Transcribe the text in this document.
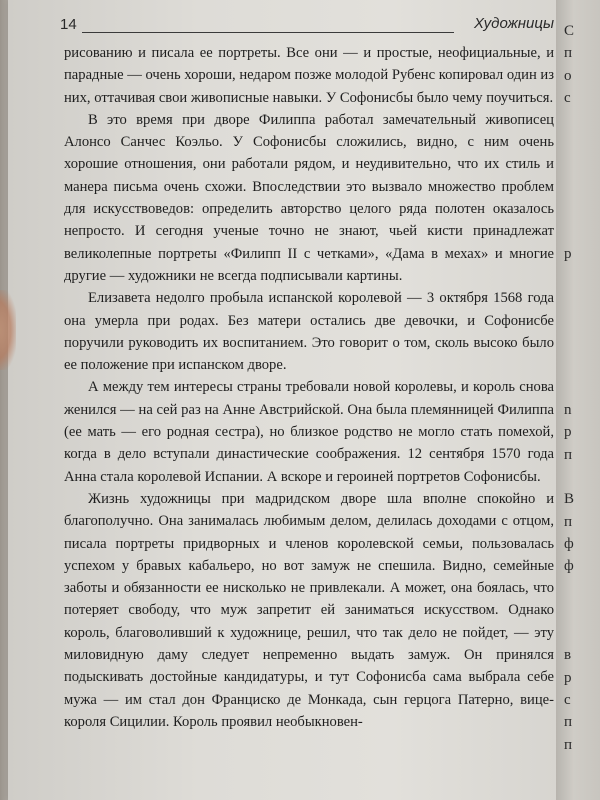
14	Художницы

рисованию и писала ее портреты. Все они — и простые, неофициальные, и парадные — очень хороши, недаром позже молодой Рубенс копировал один из них, оттачивая свои живописные навыки. У Софонисбы было чему поучиться.

В это время при дворе Филиппа работал замечательный живописец Алонсо Санчес Коэльо. У Софонисбы сложились, видно, с ним очень хорошие отношения, они работали рядом, и неудивительно, что их стиль и манера письма очень схожи. Впоследствии это вызвало множество проблем для искусствоведов: определить авторство целого ряда полотен оказалось непросто. И сегодня ученые точно не знают, чьей кисти принадлежат великолепные портреты «Филипп II с четками», «Дама в мехах» и многие другие — художники не всегда подписывали картины.

Елизавета недолго пробыла испанской королевой — 3 октября 1568 года она умерла при родах. Без матери остались две девочки, и Софонисбе поручили руководить их воспитанием. Это говорит о том, сколь высоко было ее положение при испанском дворе.

А между тем интересы страны требовали новой королевы, и король снова женился — на сей раз на Анне Австрийской. Она была племянницей Филиппа (ее мать — его родная сестра), но близкое родство не могло стать помехой, когда в дело вступали династические соображения. 12 сентября 1570 года Анна стала королевой Испании. А вскоре и героиней портретов Софонисбы.

Жизнь художницы при мадридском дворе шла вполне спокойно и благополучно. Она занималась любимым делом, делилась доходами с отцом, писала портреты придворных и членов королевской семьи, пользовалась успехом у бравых кабальеро, но вот замуж не спешила. Видно, семейные заботы и обязанности ее нисколько не привлекали. А может, она боялась, что потеряет свободу, что муж запретит ей заниматься искусством. Однако король, благоволивший к художнице, решил, что так дело не пойдет, — эту миловидную даму следует непременно выдать замуж. Он принялся подыскивать достойные кандидатуры, и тут Софонисба сама выбрала себе мужа — им стал дон Франциско де Монкада, сын герцога Патерно, вице-короля Сицилии. Король проявил необыкновен-

C
п
о
с
р
n
р
п
В
п
ф
ф
в
р
с
п
п
